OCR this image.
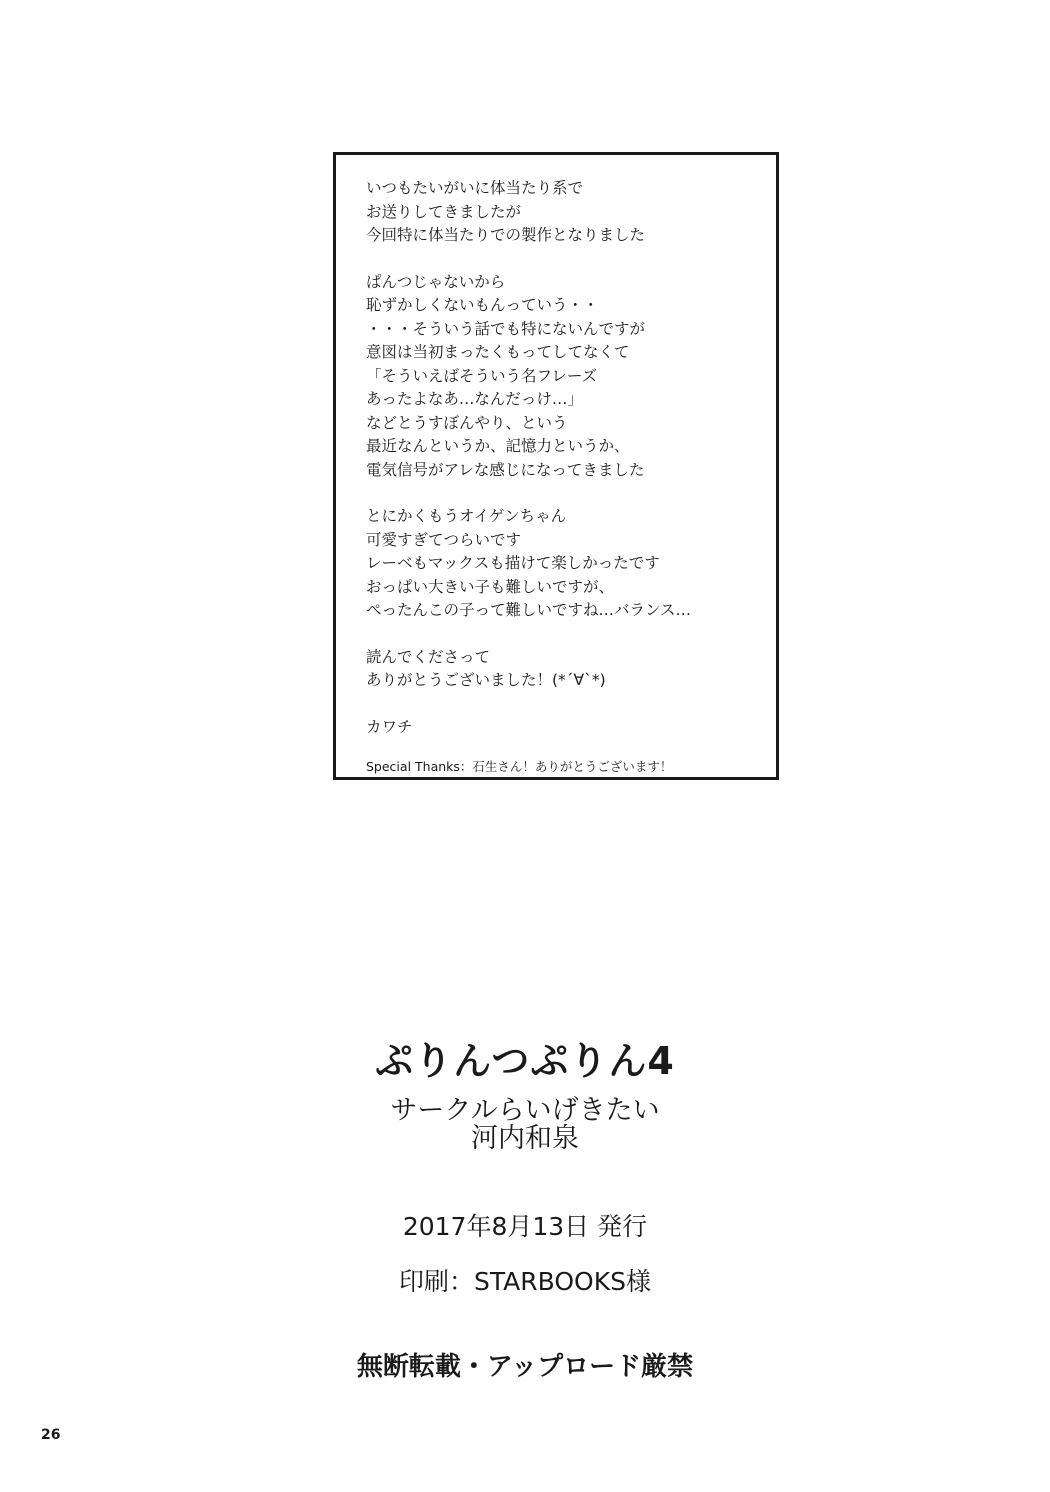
いつもたいがいに体当たり系で
お送りしてきましたが
今回特に体当たりでの製作となりました
ぱんつじゃないから
恥ずかしくないもんっていう・・
・・・そういう話でも特にないんですが
意図は当初まったくもってしてなくて
「そういえばそういう名フレーズ
あったよなあ…なんだっけ…」
などとうすぼんやり、という
最近なんというか、記憶力というか、
電気信号がアレな感じになってきました
とにかくもうオイゲンちゃん
可愛すぎてつらいです
レーベもマックスも描けて楽しかったです
おっぱい大きい子も難しいですが、
ぺったんこの子って難しいですね…バランス…
読んでくださって
ありがとうございました！(*´∀`*)
カワチ
Special Thanks：石生さん！ありがとうございます！
ぷりんつぷりん4
サークルらいげきたい
河内和泉
2017年8月13日 発行
印刷：STARBOOKS様
無断転載・アップロード厳禁
26
